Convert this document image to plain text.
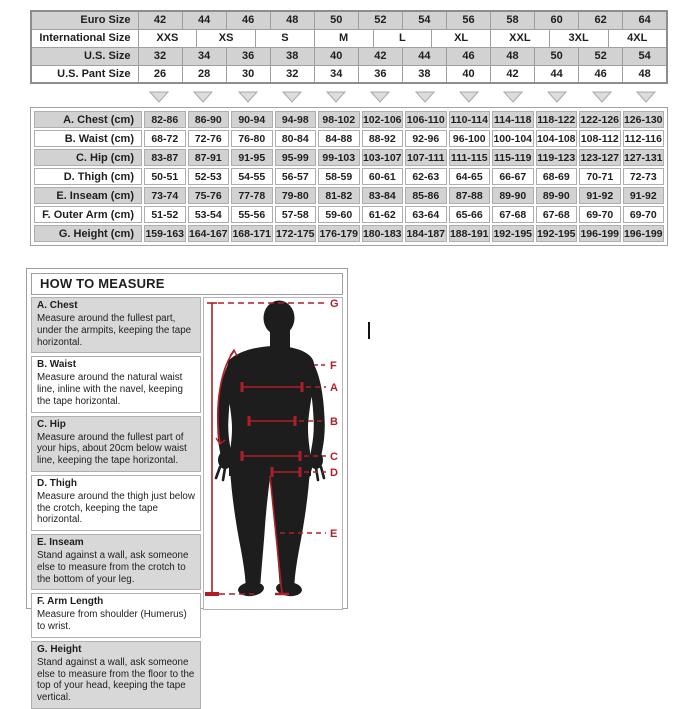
Euro Size	42	44		46		48	50	52		54		56	58	60		62		64
International Size	XXS		XS		S		M		L		XL		XXL		3XL		4XL	
U.S. Size	32	34		36		38	40	42		44		46	48	50		52		54
U.S. Pant Size	26	28		30		32	34	36		38		40	42	44		46		48
A. Chest (cm)	82-86	86-90	90-94	94-98	98-102	102-106	106-110	110-114	114-118	118-122	122-126	126-130
B. Waist (cm)	68-72	72-76	76-80	80-84	84-88	88-92	92-96	96-100	100-104	104-108	108-112	112-116
C. Hip (cm)	83-87	87-91	91-95	95-99	99-103	103-107	107-111	111-115	115-119	119-123	123-127	127-131
D. Thigh (cm)	50-51	52-53	54-55	56-57	58-59	60-61	62-63	64-65	66-67	68-69	70-71	72-73
E. Inseam (cm)	73-74	75-76	77-78	79-80	81-82	83-84	85-86	87-88	89-90	89-90	91-92	91-92
F. Outer Arm (cm)	51-52	53-54	55-56	57-58	59-60	61-62	63-64	65-66	67-68	67-68	69-70	69-70
G. Height (cm)	159-163	164-167	168-171	172-175	176-179	180-183	184-187	188-191	192-195	192-195	196-199	196-199
HOW TO MEASURE
A. Chest
Measure around the fullest part, under the armpits, keeping the tape horizontal.
B. Waist
Measure around the natural waist line, inline with the navel, keeping the tape horizontal.
C. Hip
Measure around the fullest part of your hips, about 20cm below waist line, keeping the tape horizontal.
D. Thigh
Measure around the thigh just below the crotch, keeping the tape horizontal.
E. Inseam
Stand against a wall, ask someone else to measure from the crotch to the bottom of your leg.
F. Arm Length
Measure from shoulder (Humerus) to wrist.
G. Height
Stand against a wall, ask someone else to measure from the floor to the top of your head, keeping the tape vertical.
G
F
A
B
C
D
E
